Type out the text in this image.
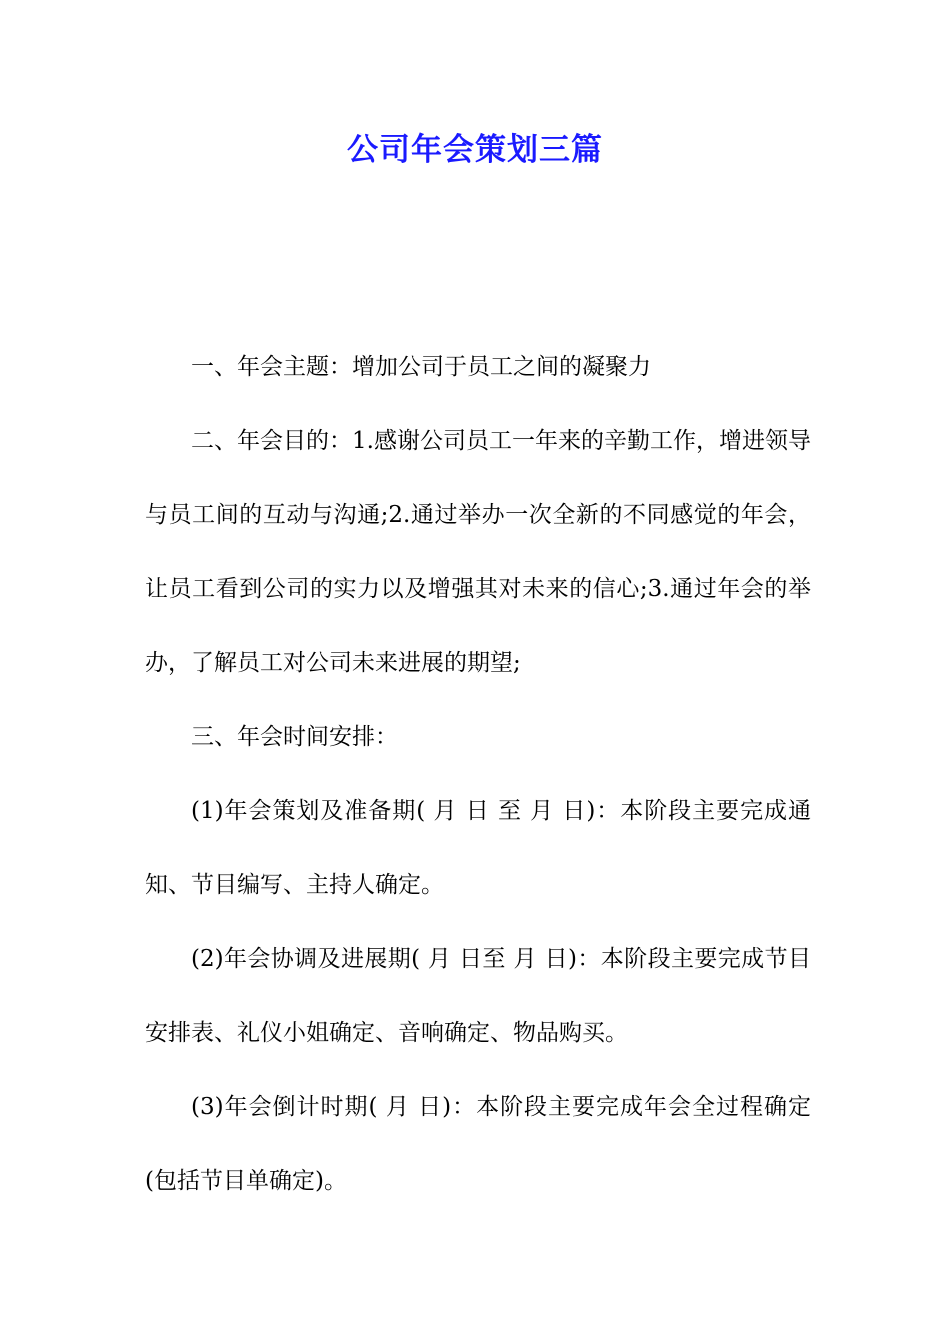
公司年会策划三篇

一、年会主题：增加公司于员工之间的凝聚力

二、年会目的：1.感谢公司员工一年来的辛勤工作，增进领导与员工间的互动与沟通;2.通过举办一次全新的不同感觉的年会，让员工看到公司的实力以及增强其对未来的信心;3.通过年会的举办，了解员工对公司未来进展的期望;

三、年会时间安排：

(1)年会策划及准备期( 月 日 至 月 日)：本阶段主要完成通知、节目编写、主持人确定。

(2)年会协调及进展期( 月 日至 月 日)：本阶段主要完成节目安排表、礼仪小姐确定、音响确定、物品购买。

(3)年会倒计时期( 月 日)：本阶段主要完成年会全过程确定(包括节目单确定)。
